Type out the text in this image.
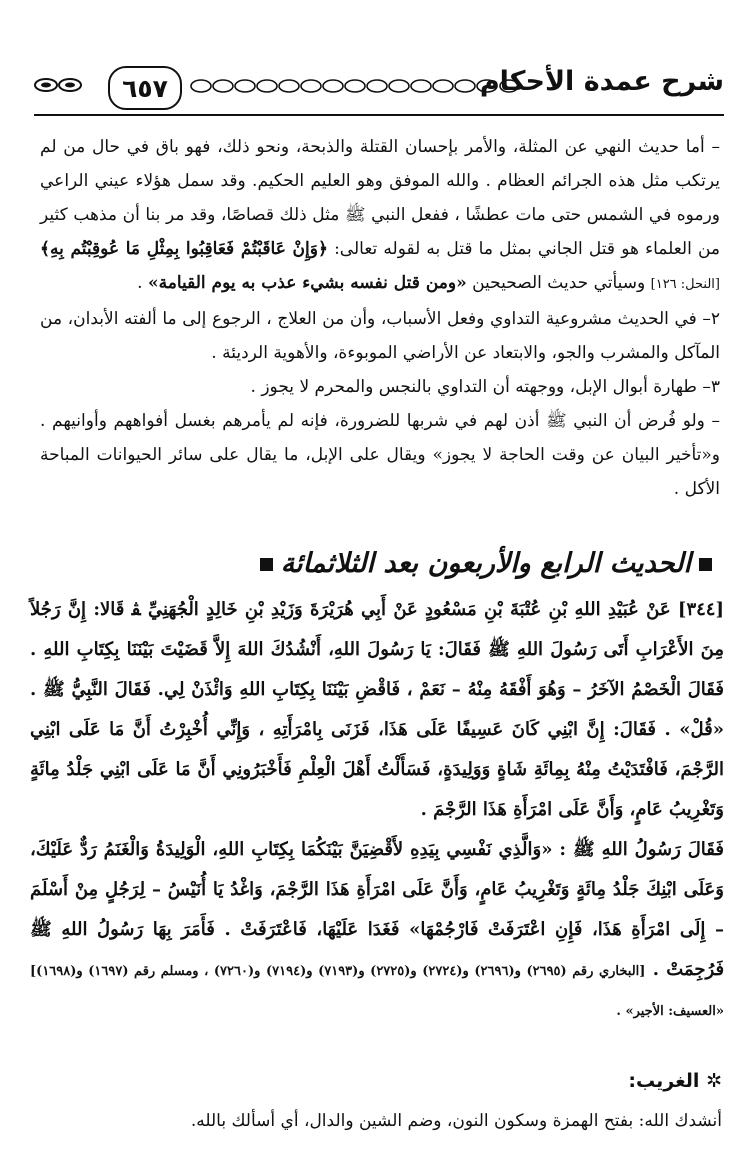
٦٥٧	شرح عمدة الأحكام

– أما حديث النهي عن المثلة، والأمر بإحسان القتلة والذبحة، ونحو ذلك، فهو باق في حال من لم يرتكب مثل هذه الجرائم العظام . والله الموفق وهو العليم الحكيم. وقد سمل هؤلاء عيني الراعي ورموه في الشمس حتى مات عطشًا ، ففعل النبي ﷺ مثل ذلك قصاصًا، وقد مر بنا أن مذهب كثير من العلماء هو قتل الجاني بمثل ما قتل به لقوله تعالى: ﴿وَإِنْ عَاقَبْتُمْ فَعَاقِبُوا بِمِثْلِ مَا عُوقِبْتُم بِهِ﴾ [النحل: ١٢٦] وسيأتي حديث الصحيحين «ومن قتل نفسه بشيء عذب به يوم القيامة» .

٢– في الحديث مشروعية التداوي وفعل الأسباب، وأن من العلاج ، الرجوع إلى ما ألفته الأبدان، من المآكل والمشرب والجو، والابتعاد عن الأراضي الموبوءة، والأهوية الرديئة .

٣– طهارة أبوال الإبل، ووجهته أن التداوي بالنجس والمحرم لا يجوز .

– ولو فُرض أن النبي ﷺ أذن لهم في شربها للضرورة، فإنه لم يأمرهم بغسل أفواههم وأوانيهم . و«تأخير البيان عن وقت الحاجة لا يجوز» ويقال على الإبل، ما يقال على سائر الحيوانات المباحة الأكل .

الحديث الرابع والأربعون بعد الثلاثمائة

[٣٤٤] عَنْ عُبَيْدِ اللهِ بْنِ عُتْبَةَ بْنِ مَسْعُودٍ عَنْ أَبِي هُرَيْرَةَ وَزَيْدِ بْنِ خَالِدٍ الْجُهَنِيِّ ﭭ قَالا: إِنَّ رَجُلاً مِنَ الأَعْرَابِ أَتَى رَسُولَ اللهِ ﷺ فَقَالَ: يَا رَسُولَ اللهِ، أَنْشُدُكَ اللهَ إِلاَّ قَضَيْتَ بَيْنَنَا بِكِتَابِ اللهِ . فَقَالَ الْخَصْمُ الآخَرُ – وَهُوَ أَفْقَهُ مِنْهُ – نَعَمْ ، فَاقْضِ بَيْنَنَا بِكِتَابِ اللهِ وَائْذَنْ لِي. فَقَالَ النَّبِيُّ ﷺ . «قُلْ» . فَقَالَ: إِنَّ ابْنِي كَانَ عَسِيفًا عَلَى هَذَا، فَزَنَى بِامْرَأَتِهِ ، وَإِنِّي أُخْبِرْتُ أَنَّ مَا عَلَى ابْنِي الرَّجْمَ، فَافْتَدَيْتُ مِنْهُ بِمِائَةِ شَاةٍ وَوَلِيدَةٍ، فَسَأَلْتُ أَهْلَ الْعِلْمِ فَأَخْبَرُونِي أَنَّ مَا عَلَى ابْنِي جَلْدُ مِائَةٍ وَتَغْرِيبُ عَامٍ، وَأَنَّ عَلَى امْرَأَةِ هَذَا الرَّجْمَ .

فَقَالَ رَسُولُ اللهِ ﷺ : «وَالَّذِي نَفْسِي بِيَدِهِ لأَقْضِيَنَّ بَيْنَكُمَا بِكِتَابِ اللهِ، الْوَلِيدَةُ وَالْغَنَمُ رَدٌّ عَلَيْكَ، وَعَلَى ابْنِكَ جَلْدُ مِائَةٍ وَتَغْرِيبُ عَامٍ، وَأَنَّ عَلَى امْرَأَةِ هَذَا الرَّجْمَ، وَاغْدُ يَا أُنَيْسُ – لِرَجُلٍ مِنْ أَسْلَمَ – إِلَى امْرَأَةِ هَذَا، فَإِنِ اعْتَرَفَتْ فَارْجُمْهَا» فَغَدَا عَلَيْهَا، فَاعْتَرَفَتْ . فَأَمَرَ بِهَا رَسُولُ اللهِ ﷺ فَرُجِمَتْ . [البخاري رقم (٢٦٩٥) و(٢٦٩٦) و(٢٧٢٤) و(٢٧٢٥) و(٧١٩٣) و(٧١٩٤) و(٧٢٦٠) ، ومسلم رقم (١٦٩٧) و(١٦٩٨)] «العسيف: الأجير» .

✲ الغريب:
أنشدك الله: بفتح الهمزة وسكون النون، وضم الشين والدال، أي أسألك بالله.
